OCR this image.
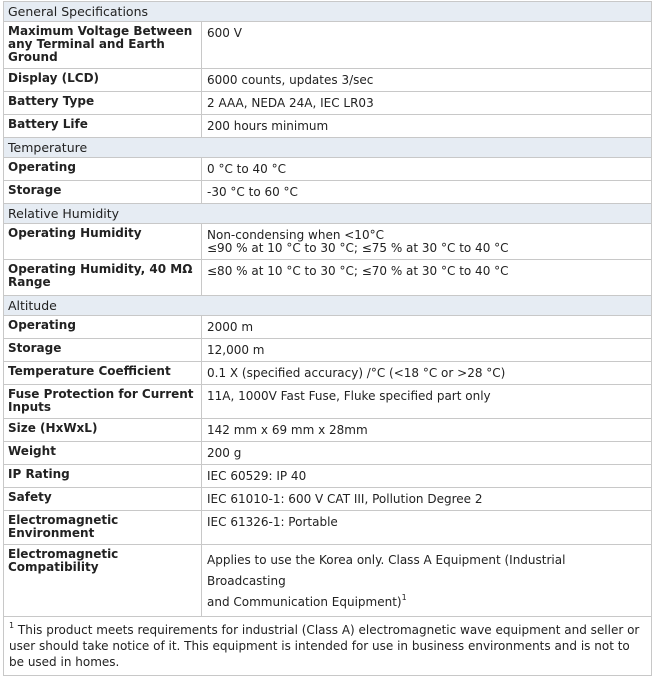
General Specifications	
Maximum Voltage Between any Terminal and Earth Ground	600 V

Display (LCD)	6000 counts, updates 3/sec

Battery Type	2 AAA, NEDA 24A, IEC LR03

Battery Life	200 hours minimum

Temperature	
Operating	0 °C to 40 °C

Storage	-30 °C to 60 °C

Relative Humidity	
Operating Humidity	Non-condensing when <10°C
≤90 % at 10 °C to 30 °C; ≤75 % at 30 °C to 40 °C

Operating Humidity, 40 MΩ Range	≤80 % at 10 °C to 30 °C; ≤70 % at 30 °C to 40 °C

Altitude	
Operating	2000 m

Storage	12,000 m

Temperature Coefficient	0.1 X (specified accuracy) /°C (<18 °C or >28 °C)

Fuse Protection for Current Inputs	11A, 1000V Fast Fuse, Fluke specified part only

Size (HxWxL)	142 mm x 69 mm x 28mm

Weight	200 g

IP Rating	IEC 60529: IP 40

Safety	IEC 61010-1: 600 V CAT III, Pollution Degree 2

Electromagnetic Environment	IEC 61326-1: Portable

Electromagnetic Compatibility	Applies to use the Korea only. Class A Equipment (Industrial Broadcasting
and Communication Equipment)$^1$
$^1$ This product meets requirements for industrial (Class A) electromagnetic wave equipment and seller or user should take notice of it. This equipment is intended for use in business environments and is not to be used in homes.
